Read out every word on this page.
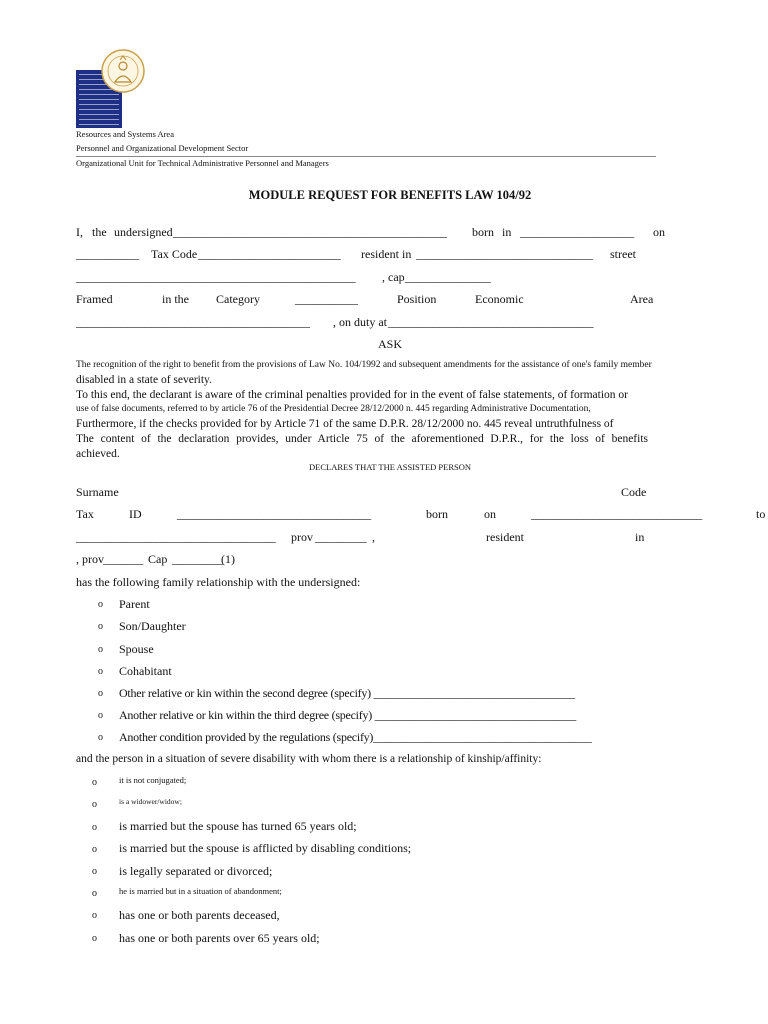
Resources and Systems Area
Personnel and Organizational Development Sector
Organizational Unit for Technical Administrative Personnel and Managers
MODULE REQUEST FOR BENEFITS LAW 104/92
I, the undersigned ________________________________________________ born in ____________________ on
___________ Tax Code _________________________ resident in _______________________________ street
_________________________________________________ , cap _______________
Framed	in the Category	___________	Position	Economic	Area
_________________________________________ , on duty at ____________________________________
ASK
The recognition of the right to benefit from the provisions of Law No. 104/1992 and subsequent amendments for the assistance of one's family member
disabled in a state of severity.
To this end, the declarant is aware of the criminal penalties provided for in the event of false statements, of formation or
use of false documents, referred to by article 76 of the Presidential Decree 28/12/2000 n. 445 regarding Administrative Documentation,
Furthermore, if the checks provided for by Article 71 of the same D.P.R. 28/12/2000 no. 445 reveal untruthfulness of
The content of the declaration provides, under Article 75 of the aforementioned D.P.R., for the loss of benefits
achieved.
DECLARES THAT THE ASSISTED PERSON
Surname	Code
Tax	ID	__________________________________	born	on	______________________________	to
___________________________________ prov _________ ,	resident	in
, prov _______ Cap _________
(1)
has the following family relationship with the undersigned:
o Parent
o Son/Daughter
o Spouse
o Cohabitant
o Other relative or kin within the second degree (specify) ___________________________________
o Another relative or kin within the third degree (specify) ___________________________________
o Another condition provided by the regulations (specify)______________________________________
and the person in a situation of severe disability with whom there is a relationship of kinship/affinity:
o	it is not conjugated;
o	is a widower/widow;
o is married but the spouse has turned 65 years old;
o is married but the spouse is afflicted by disabling conditions;
o is legally separated or divorced;
o	he is married but in a situation of abandonment;
o has one or both parents deceased,
o has one or both parents over 65 years old;
